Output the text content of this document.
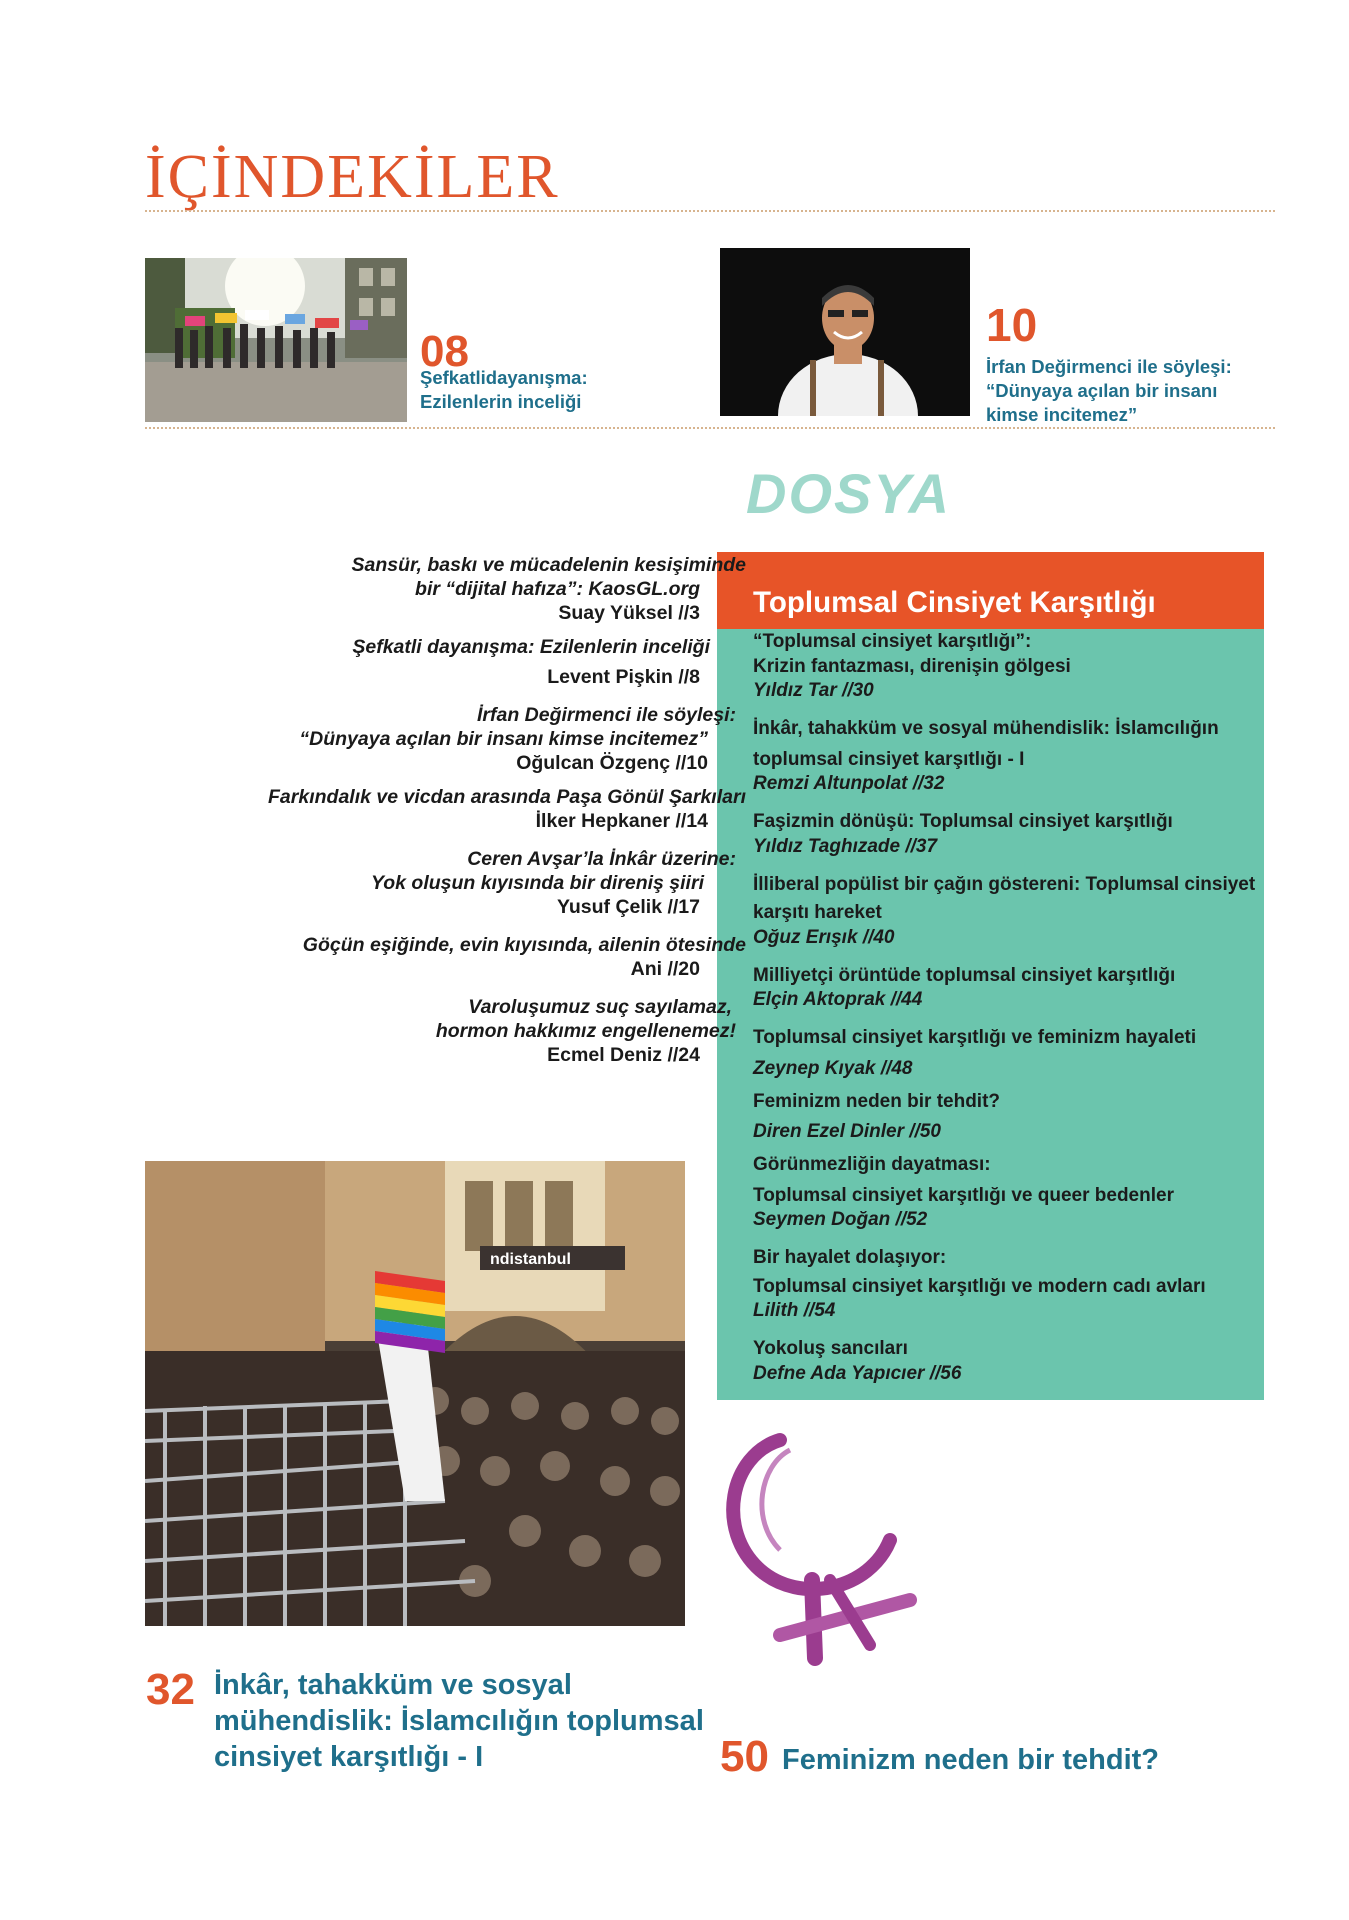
İÇİNDEKİLER
08
Şefkatlidayanışma:
Ezilenlerin inceliği
10
İrfan Değirmenci ile söyleşi:
“Dünyaya açılan bir insanı
kimse incitemez”
DOSYA
Toplumsal Cinsiyet Karşıtlığı
Sansür, baskı ve mücadelenin kesişiminde
bir “dijital hafıza”: KaosGL.org
Suay Yüksel //3
Şefkatli dayanışma: Ezilenlerin inceliği
Levent Pişkin //8
İrfan Değirmenci ile söyleşi:
“Dünyaya açılan bir insanı kimse incitemez”
Oğulcan Özgenç //10
Farkındalık ve vicdan arasında Paşa Gönül Şarkıları
İlker Hepkaner //14
Ceren Avşar’la İnkâr üzerine:
Yok oluşun kıyısında bir direniş şiiri
Yusuf Çelik //17
Göçün eşiğinde, evin kıyısında, ailenin ötesinde
Ani //20
Varoluşumuz suç sayılamaz,
hormon hakkımız engellenemez!
Ecmel Deniz //24
“Toplumsal cinsiyet karşıtlığı”:
Krizin fantazması, direnişin gölgesi
Yıldız Tar //30
İnkâr, tahakküm ve sosyal mühendislik: İslamcılığın
toplumsal cinsiyet karşıtlığı - I
Remzi Altunpolat //32
Faşizmin dönüşü: Toplumsal cinsiyet karşıtlığı
Yıldız Taghızade //37
İlliberal popülist bir çağın göstereni: Toplumsal cinsiyet
karşıtı hareket
Oğuz Erışık //40
Milliyetçi örüntüde toplumsal cinsiyet karşıtlığı
Elçin Aktoprak //44
Toplumsal cinsiyet karşıtlığı ve feminizm hayaleti
Zeynep Kıyak //48
Feminizm neden bir tehdit?
Diren Ezel Dinler //50
Görünmezliğin dayatması:
Toplumsal cinsiyet karşıtlığı ve queer bedenler
Seymen Doğan //52
Bir hayalet dolaşıyor:
Toplumsal cinsiyet karşıtlığı ve modern cadı avları
Lilith //54
Yokoluş sancıları
Defne Ada Yapıcıer //56
ndistanbul
32 İnkâr, tahakküm ve sosyal
mühendislik: İslamcılığın toplumsal
cinsiyet karşıtlığı - I	50 Feminizm neden bir tehdit?
